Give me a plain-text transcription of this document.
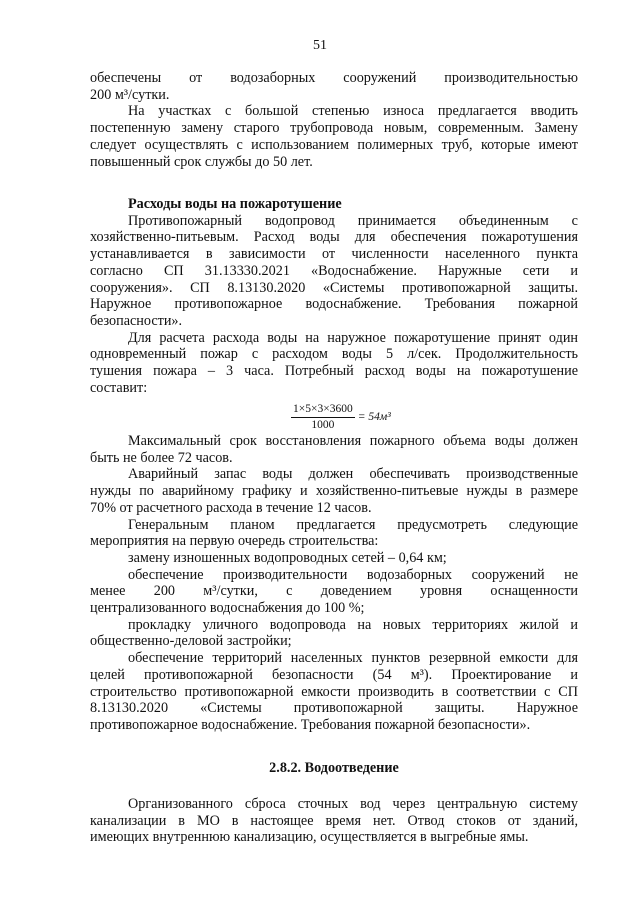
51
обеспечены от водозаборных сооружений производительностью
200 м³/сутки.
На участках с большой степенью износа предлагается вводить
постепенную замену старого трубопровода новым, современным. Замену
следует осуществлять с использованием полимерных труб, которые имеют
повышенный срок службы до 50 лет.
Расходы воды на пожаротушение
Противопожарный водопровод принимается объединенным с
хозяйственно-питьевым. Расход воды для обеспечения пожаротушения
устанавливается в зависимости от численности населенного пункта
согласно СП 31.13330.2021 «Водоснабжение. Наружные сети и
сооружения». СП 8.13130.2020 «Системы противопожарной защиты.
Наружное противопожарное водоснабжение. Требования пожарной
безопасности».
Для расчета расхода воды на наружное пожаротушение принят один
одновременный пожар с расходом воды 5 л/сек. Продолжительность
тушения пожара – 3 часа. Потребный расход воды на пожаротушение
составит:
$\frac{1\times 5\times 3\times 3600}{1000} = 54м^3$
Максимальный срок восстановления пожарного объема воды должен
быть не более 72 часов.
Аварийный запас воды должен обеспечивать производственные
нужды по аварийному графику и хозяйственно-питьевые нужды в размере
70% от расчетного расхода в течение 12 часов.
Генеральным планом предлагается предусмотреть следующие
мероприятия на первую очередь строительства:
замену изношенных водопроводных сетей – 0,64 км;
обеспечение производительности водозаборных сооружений не
менее 200 м³/сутки, с доведением уровня оснащенности
централизованного водоснабжения до 100 %;
прокладку уличного водопровода на новых территориях жилой и
общественно-деловой застройки;
обеспечение территорий населенных пунктов резервной емкости для
целей противопожарной безопасности (54 м³). Проектирование и
строительство противопожарной емкости производить в соответствии с СП
8.13130.2020 «Системы противопожарной защиты. Наружное
противопожарное водоснабжение. Требования пожарной безопасности».
2.8.2. Водоотведение
Организованного сброса сточных вод через центральную систему
канализации в МО в настоящее время нет. Отвод стоков от зданий,
имеющих внутреннюю канализацию, осуществляется в выгребные ямы.
